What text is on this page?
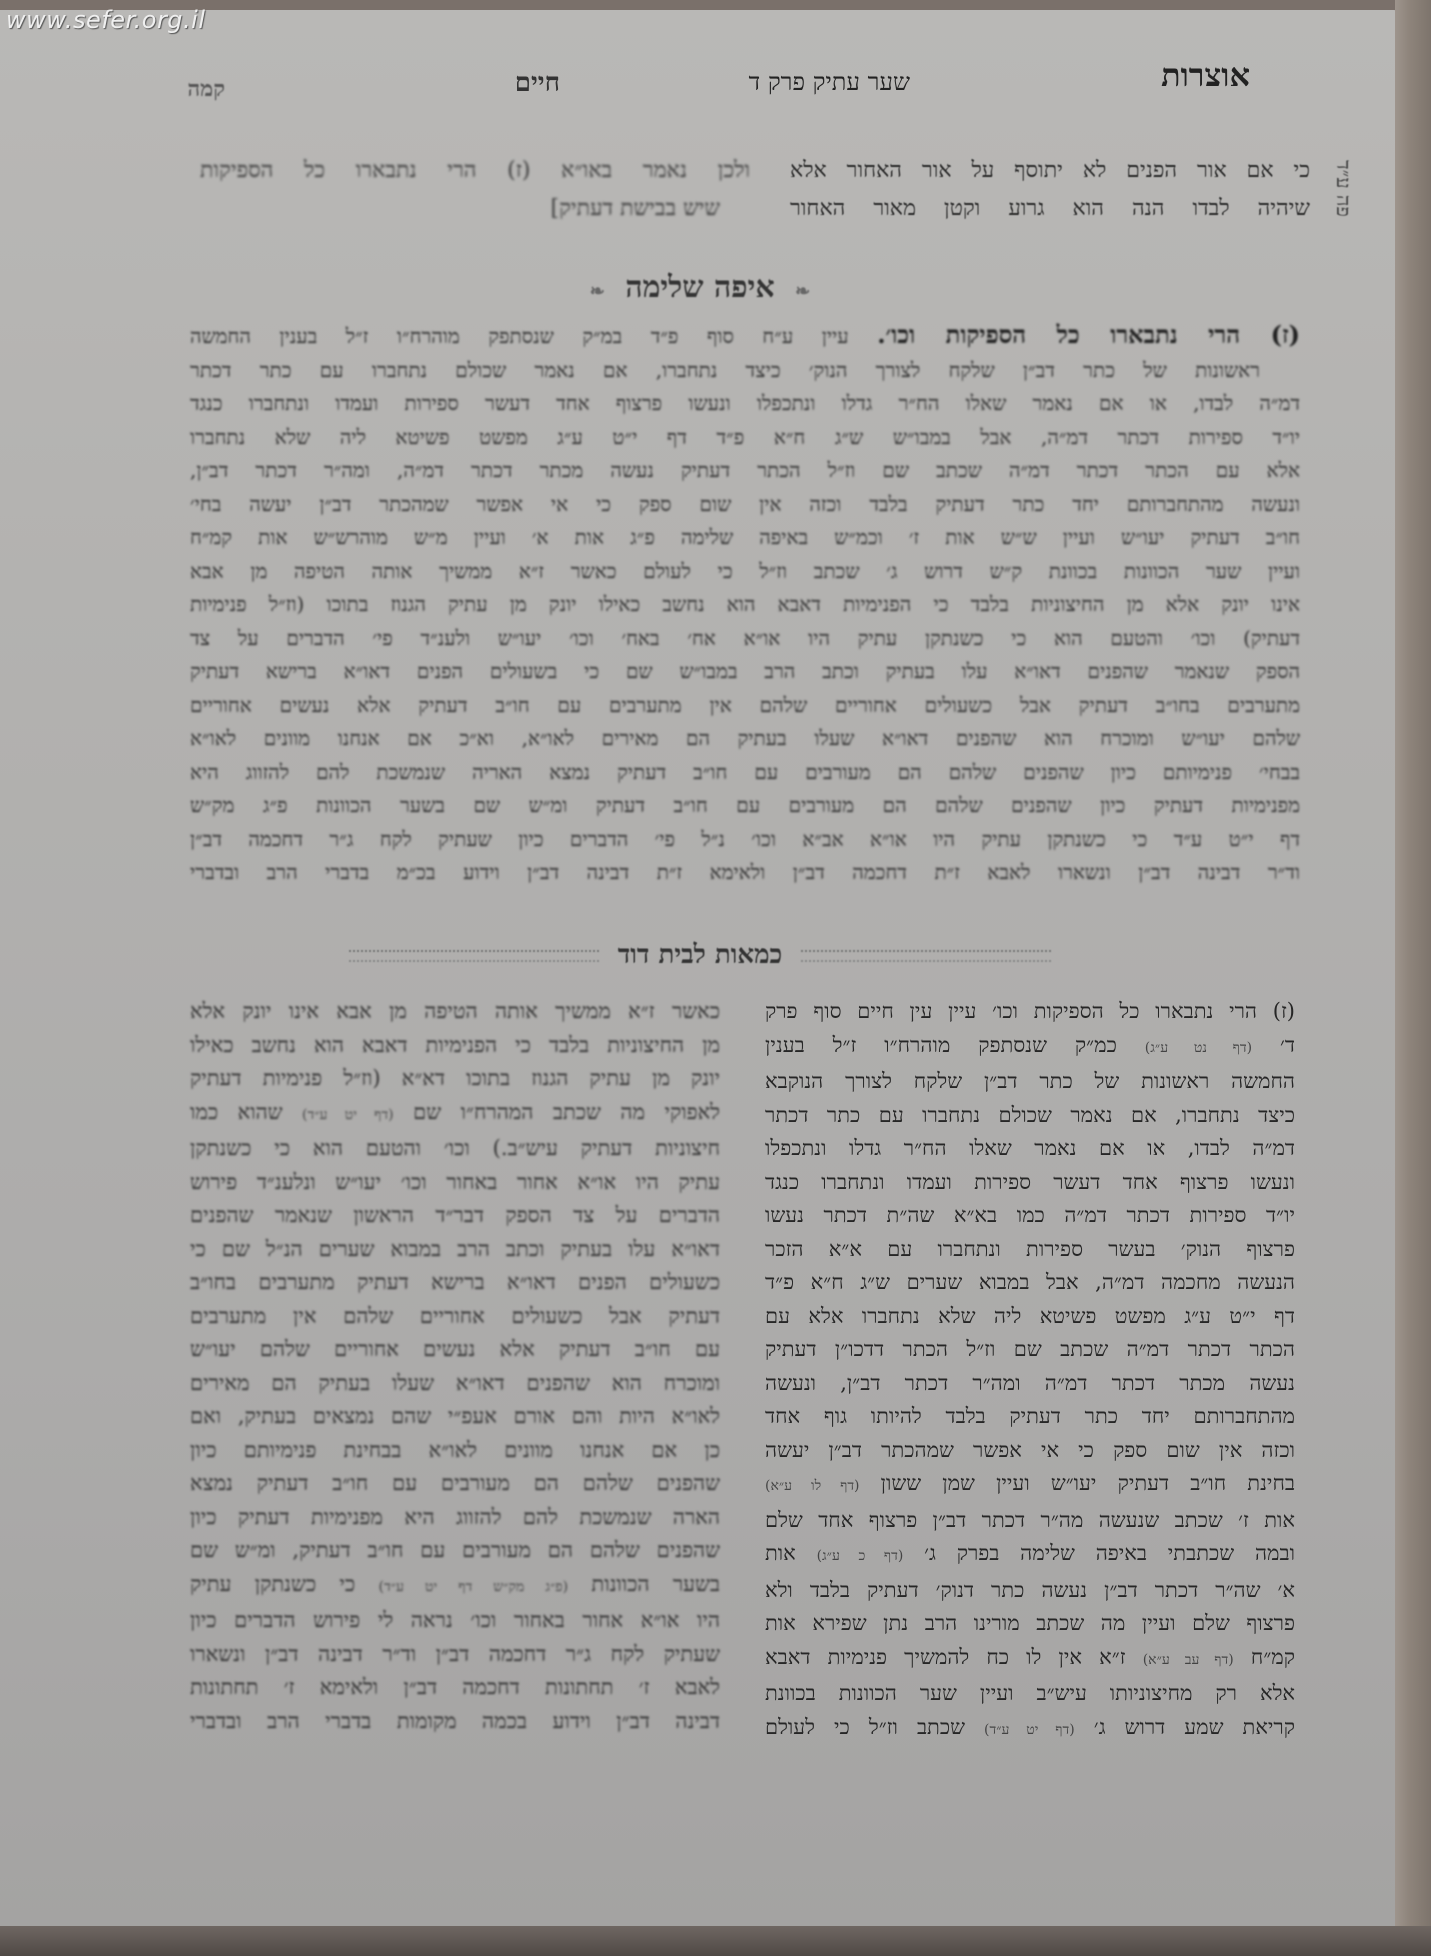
www.sefer.org.il
אוצרות
שער עתיק פרק ד
חיים
קמה
פה ע״ד
כי אם אור הפנים לא יתוסף על אור האחור אלא
שיהיה לבדו הנה הוא גרוע וקטן מאור האחור
ולכן נאמר באו״א (ז) הרי נתבארו כל הספיקות
שיש בבישת דעתיק]
❧ איפה שלימה ❧

(ז) הרי נתבארו כל הספיקות וכו׳. עיין ע״ח סוף פ״ד במ״ק שנסתפק מוהרח״ו ז״ל בענין החמשה

ראשונות של כתר דב״ן שלקח לצורך הנוק׳ כיצד נתחברו, אם נאמר שכולם נתחברו עם כתר דכתר

דמ״ה לבדו, או אם נאמר שאלו הח״ר גדלו ונתכפלו ונעשו פרצוף אחד דעשר ספירות ועמדו ונתחברו כנגד

יו״ד ספירות דכתר דמ״ה, אבל במבו״ש ש״ג ח״א פ״ד דף י״ט ע״ג מפשט פשיטא ליה שלא נתחברו

אלא עם הכתר דכתר דמ״ה שכתב שם וז״ל הכתר דעתיק נעשה מכתר דכתר דמ״ה, ומה״ר דכתר דב״ן,

ונעשה מהתחברותם יחד כתר דעתיק בלבד וכזה אין שום ספק כי אי אפשר שמהכתר דב״ן יעשה בחי׳

חו״ב דעתיק יעו״ש ועיין ש״ש אות ז׳ וכמ״ש באיפה שלימה פ״ג אות א׳ ועיין מ״ש מוהרש״ש אות קמ״ח

ועיין שער הכוונות בכוונת ק״ש דרוש ג׳ שכתב וז״ל כי לעולם כאשר ז״א ממשיך אותה הטיפה מן אבא

אינו יונק אלא מן החיצוניות בלבד כי הפנימיות דאבא הוא נחשב כאילו יונק מן עתיק הגנוז בתוכו (וז״ל פנימיות

דעתיק) וכו׳ והטעם הוא כי כשנתקן עתיק היו או״א אח׳ באח׳ וכו׳ יעו״ש ולענ״ד פי׳ הדברים על צד

הספק שנאמר שהפנים דאו״א עלו בעתיק וכתב הרב במבו״ש שם כי בשעולים הפנים דאו״א ברישא דעתיק

מתערבים בחו״ב דעתיק אבל כשעולים אחוריים שלהם אין מתערבים עם חו״ב דעתיק אלא נעשים אחוריים

שלהם יעו״ש ומוכרח הוא שהפנים דאו״א שעלו בעתיק הם מאירים לאו״א, וא״כ אם אנחנו מוונים לאו״א

בבחי׳ פנימיותם כיון שהפנים שלהם הם מעורבים עם חו״ב דעתיק נמצא האריה שנמשכת להם להזווג היא

מפנימיות דעתיק כיון שהפנים שלהם הם מעורבים עם חו״ב דעתיק ומ״ש שם בשער הכוונות פ״ג מק״ש

דף י״ט ע״ד כי כשנתקן עתיק היו או״א אב״א וכו׳ נ״ל פי׳ הדברים כיון שעתיק לקח ג״ר דחכמה דב״ן

וד״ר דבינה דב״ן ונשארו לאבא ז״ת דחכמה דב״ן ולאימא ז״ת דבינה דב״ן וידוע בכ״מ בדברי הרב ובדברי

כמאות לבית דוד
(ז) הרי נתבארו כל הספיקות וכו׳ עיין עין חיים סוף פרק
ד׳ (דף נט ע״ג) כמ״ק שנסתפק מוהרח״ו ז״ל בענין
החמשה ראשונות של כתר דב״ן שלקח לצורך הנוקבא
כיצד נתחברו, אם נאמר שכולם נתחברו עם כתר דכתר
דמ״ה לבדו, או אם נאמר שאלו הח״ר גדלו ונתכפלו
ונעשו פרצוף אחד דעשר ספירות ועמדו ונתחברו כנגד
יו״ד ספירות דכתר דמ״ה כמו בא״א שה״ת דכתר נעשו
פרצוף הנוק׳ בעשר ספירות ונתחברו עם א״א הזכר
הנעשה מחכמה דמ״ה, אבל במבוא שערים ש״ג ח״א פ״ד
דף י״ט ע״ג מפשט פשיטא ליה שלא נתחברו אלא עם
הכתר דכתר דמ״ה שכתב שם וז״ל הכתר דדכו״ן דעתיק
נעשה מכתר דכתר דמ״ה ומה״ר דכתר דב״ן, ונעשה
מהתחברותם יחד כתר דעתיק בלבד להיותו גוף אחד
וכזה אין שום ספק כי אי אפשר שמהכתר דב״ן יעשה
בחינת חו״ב דעתיק יעו״ש ועיין שמן ששון (דף לו ע״א)
אות ז׳ שכתב שנעשה מה״ר דכתר דב״ן פרצוף אחד שלם
ובמה שכתבתי באיפה שלימה בפרק ג׳ (דף כ ע״ג) אות
א׳ שה״ר דכתר דב״ן נעשה כתר דנוק׳ דעתיק בלבד ולא
פרצוף שלם ועיין מה שכתב מורינו הרב נתן שפירא אות
קמ״ח (דף עב ע״א) ז״א אין לו כח להמשיך פנימיות דאבא
אלא רק מחיצוניותו עיש״ב ועיין שער הכוונות בכוונת
קריאת שמע דרוש ג׳ (דף יט ע״ד) שכתב וז״ל כי לעולם
כאשר ז״א ממשיך אותה הטיפה מן אבא אינו יונק אלא
מן החיצוניות בלבד כי הפנימיות דאבא הוא נחשב כאילו
יונק מן עתיק הגנוז בתוכו דא״א (וז״ל פנימיות דעתיק
לאפוקי מה שכתב המהרח״ו שם (דף יט ע״ד) שהוא כמו
חיצוניות דעתיק עיש״ב.) וכו׳ והטעם הוא כי כשנתקן
עתיק היו או״א אחור באחור וכו׳ יעו״ש ונלענ״ד פירוש
הדברים על צד הספק דבר״ד הראשון שנאמר שהפנים
דאו״א עלו בעתיק וכתב הרב במבוא שערים הנ״ל שם כי
כשעולים הפנים דאו״א ברישא דעתיק מתערבים בחו״ב
דעתיק אבל כשעולים אחוריים שלהם אין מתערבים
עם חו״ב דעתיק אלא נעשים אחוריים שלהם יעו״ש
ומוכרח הוא שהפנים דאו״א שעלו בעתיק הם מאירים
לאו״א היות והם אורם אעפ״י שהם נמצאים בעתיק, ואם
כן אם אנחנו מוונים לאו״א בבחינת פנימיותם כיון
שהפנים שלהם הם מעורבים עם חו״ב דעתיק נמצא
הארה שנמשכת להם להזווג היא מפנימיות דעתיק כיון
שהפנים שלהם הם מעורבים עם חו״ב דעתיק, ומ״ש שם
בשער הכוונות (פ״ג מק״ש דף יט ע״ד) כי כשנתקן עתיק
היו או״א אחור באחור וכו׳ נראה לי פירוש הדברים כיון
שעתיק לקח ג״ר דחכמה דב״ן וד״ר דבינה דב״ן ונשארו
לאבא ז׳ תחתונות דחכמה דב״ן ולאימא ז׳ תחתונות
דבינה דב״ן וידוע בכמה מקומות בדברי הרב ובדברי
